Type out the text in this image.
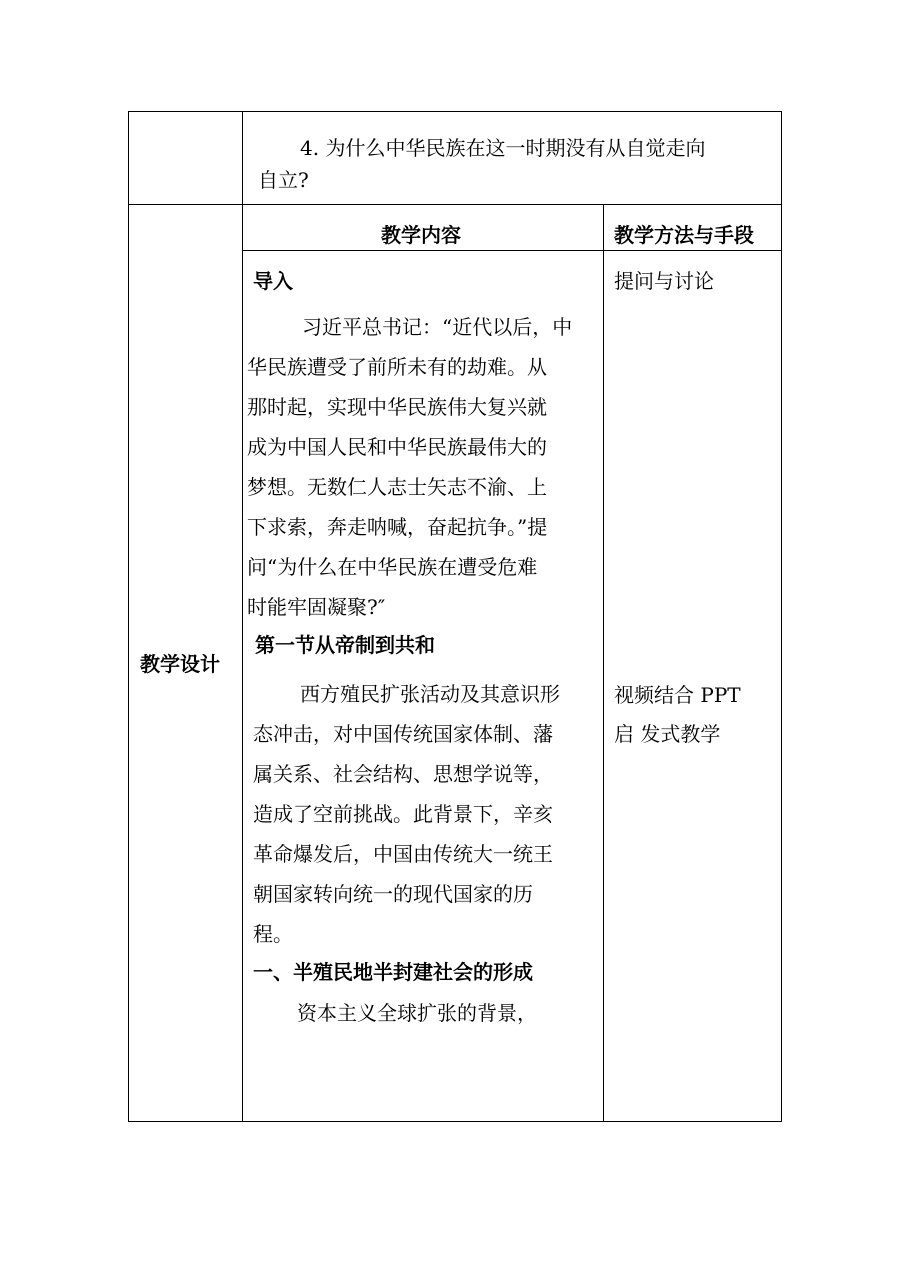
4. 为什么中华民族在这一时期没有从自觉走向
自立?
教学设计
教学内容	教学方法与手段
导入	提问与讨论
习近平总书记：“近代以后，中
华民族遭受了前所未有的劫难。从
那时起，实现中华民族伟大复兴就
成为中国人民和中华民族最伟大的
梦想。无数仁人志士矢志不渝、上
下求索，奔走呐喊，奋起抗争。”提
问“为什么在中华民族在遭受危难
时能牢固凝聚?″
第一节从帝制到共和
西方殖民扩张活动及其意识形
态冲击，对中国传统国家体制、藩
属关系、社会结构、思想学说等，
造成了空前挑战。此背景下，辛亥
革命爆发后，中国由传统大一统王
朝国家转向统一的现代国家的历
程。
视频结合 PPT
启 发式教学
一、半殖民地半封建社会的形成
资本主义全球扩张的背景，
